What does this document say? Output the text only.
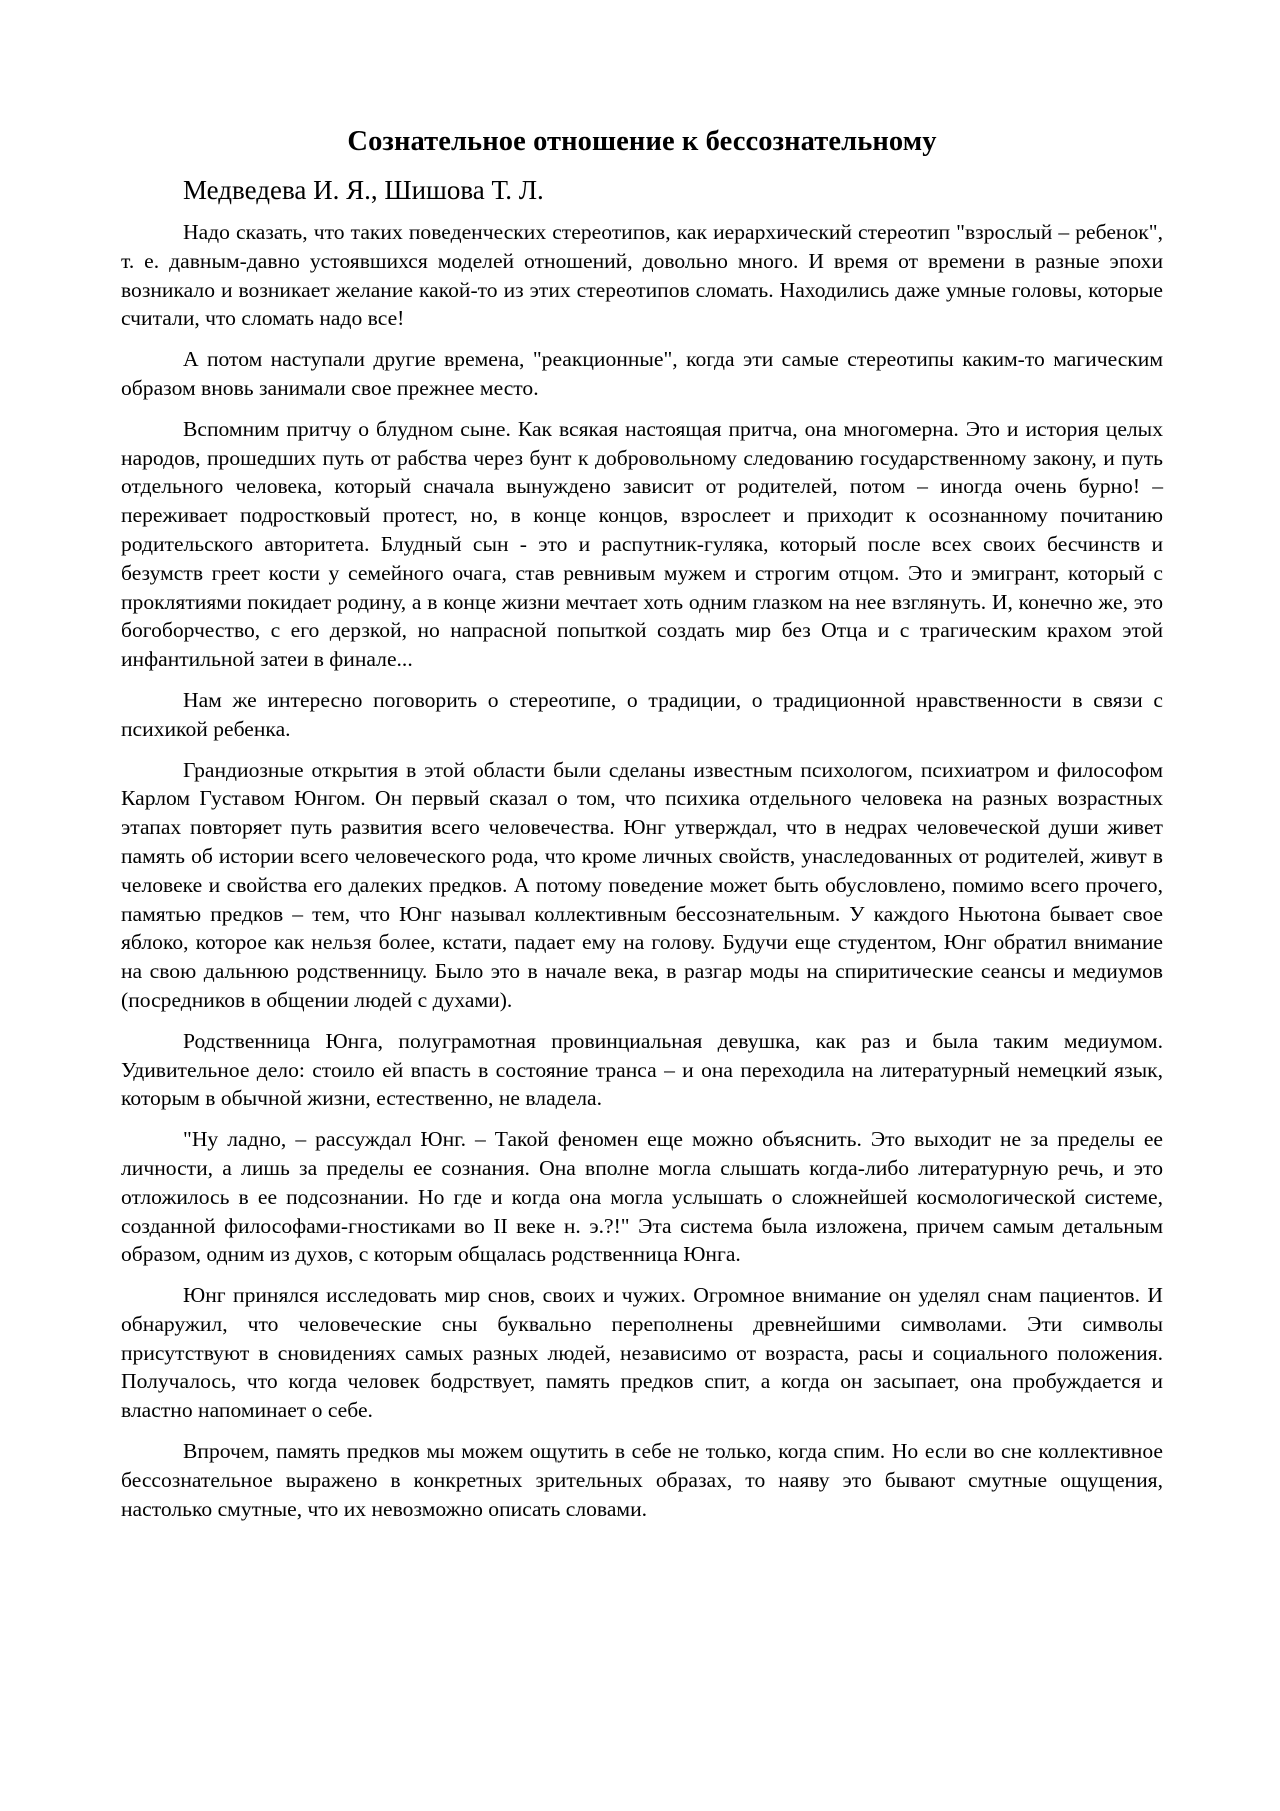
Сознательное отношение к бессознательному
Медведева И. Я., Шишова Т. Л.

Надо сказать, что таких поведенческих стереотипов, как иерархический стереотип "взрослый – ребенок", т. е. давным-давно устоявшихся моделей отношений, довольно много. И время от времени в разные эпохи возникало и возникает желание какой-то из этих стереотипов сломать. Находились даже умные головы, которые считали, что сломать надо все!

А потом наступали другие времена, "реакционные", когда эти самые стереотипы каким-то магическим образом вновь занимали свое прежнее место.

Вспомним притчу о блудном сыне. Как всякая настоящая притча, она многомерна. Это и история целых народов, прошедших путь от рабства через бунт к добровольному следованию государственному закону, и путь отдельного человека, который сначала вынуждено зависит от родителей, потом – иногда очень бурно! – переживает подростковый протест, но, в конце концов, взрослеет и приходит к осознанному почитанию родительского авторитета. Блудный сын - это и распутник-гуляка, который после всех своих бесчинств и безумств греет кости у семейного очага, став ревнивым мужем и строгим отцом. Это и эмигрант, который с проклятиями покидает родину, а в конце жизни мечтает хоть одним глазком на нее взглянуть. И, конечно же, это богоборчество, с его дерзкой, но напрасной попыткой создать мир без Отца и с трагическим крахом этой инфантильной затеи в финале...

Нам же интересно поговорить о стереотипе, о традиции, о традиционной нравственности в связи с психикой ребенка.

Грандиозные открытия в этой области были сделаны известным психологом, психиатром и философом Карлом Густавом Юнгом. Он первый сказал о том, что психика отдельного человека на разных возрастных этапах повторяет путь развития всего человечества. Юнг утверждал, что в недрах человеческой души живет память об истории всего человеческого рода, что кроме личных свойств, унаследованных от родителей, живут в человеке и свойства его далеких предков. А потому поведение может быть обусловлено, помимо всего прочего, памятью предков – тем, что Юнг называл коллективным бессознательным. У каждого Ньютона бывает свое яблоко, которое как нельзя более, кстати, падает ему на голову. Будучи еще студентом, Юнг обратил внимание на свою дальнюю родственницу. Было это в начале века, в разгар моды на спиритические сеансы и медиумов (посредников в общении людей с духами).

Родственница Юнга, полуграмотная провинциальная девушка, как раз и была таким медиумом. Удивительное дело: стоило ей впасть в состояние транса – и она переходила на литературный немецкий язык, которым в обычной жизни, естественно, не владела.

"Ну ладно, – рассуждал Юнг. – Такой феномен еще можно объяснить. Это выходит не за пределы ее личности, а лишь за пределы ее сознания. Она вполне могла слышать когда-либо литературную речь, и это отложилось в ее подсознании. Но где и когда она могла услышать о сложнейшей космологической системе, созданной философами-гностиками во II веке н. э.?!" Эта система была изложена, причем самым детальным образом, одним из духов, с которым общалась родственница Юнга.

Юнг принялся исследовать мир снов, своих и чужих. Огромное внимание он уделял снам пациентов. И обнаружил, что человеческие сны буквально переполнены древнейшими символами. Эти символы присутствуют в сновидениях самых разных людей, независимо от возраста, расы и социального положения. Получалось, что когда человек бодрствует, память предков спит, а когда он засыпает, она пробуждается и властно напоминает о себе.

Впрочем, память предков мы можем ощутить в себе не только, когда спим. Но если во сне коллективное бессознательное выражено в конкретных зрительных образах, то наяву это бывают смутные ощущения, настолько смутные, что их невозможно описать словами.
